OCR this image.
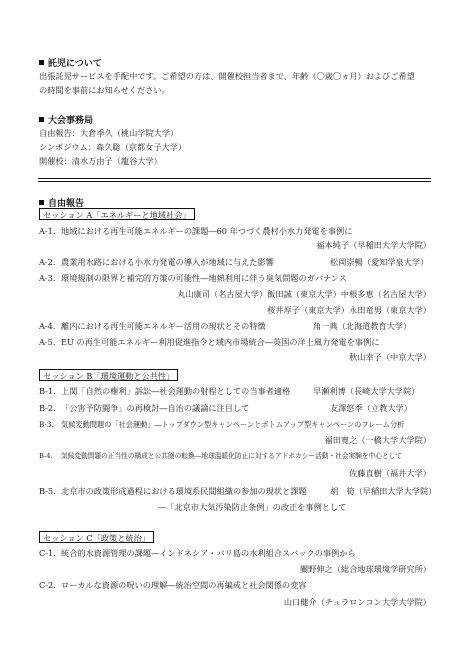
託児について
出張託児サービスを手配中です。ご希望の方は、開催校担当者まで、年齢（〇歳〇ヵ月）およびご希望
の時間を事前にお知らせください。
大会事務局
自由報告：大倉季久（桃山学院大学）
シンポジウム：森久聡（京都女子大学）
開催校：清水万由子（龍谷大学）
自由報告
セッション A「エネルギーと地域社会」
A-1. 地域における再生可能エネルギーの課題―60 年つづく農村小水力発電を事例に
福本純子（早稲田大学大学院）
A-2. 農業用水路における小水力発電の導入が地域に与えた影響	松岡崇暢（愛知学泉大学）
A-3. 環境規制の限界と補完的方策の可能性―地熱利用に伴う臭気問題のガバナンス
丸山康司（名古屋大学）飯田誠（東京大学）中根多恵（名古屋大学）
桜井厚子（東京大学）永田竜男（東京大学）
A-4. 離内における再生可能エネルギー活用の現状とその特徴	角一典（北海道教育大学）
A-5. EU の再生可能エネルギー利用促進指令と域内市場統合―英国の洋上風力発電を事例に
秋山幸子（中京大学）
セッション B「環境運動と公共性」
B-1. 上関「自然の権利」訴訟―社会運動の射程としての当事者適格	早瀬利博（長崎大学大学院）
B-2. 「公害予防闘争」の再検討―自治の議論に注目して	友澤悠季（立教大学）
B-3. 気候変動問題の「社会運動」―トップダウン型キャンペーンとボトムアップ型キャンペーンのフレーム分析
福田寛之（一橋大学大学院）
B-4. 気候変動問題の正当性の構成と公共圏の転換―地球温暖化防止に対するアドボカシー活動・社会実験を中心として
佐藤直樹（福井大学）
B-5. 北京市の政策形成過程における環境系民間組織の参加の現状と課題	胡　筍（早稲田大学大学院）
―「北京市大気汚染防止条例」の改正を事例として
セッション C「政策と統治」
C-1. 統合的水資源管理の課題―インドネシア・バリ島の水利組合スバックの事例から
關野伸之（総合地球環境学研究所）
C-2. ローカルな資源の呪いの理解―統治空間の再編成と社会関係の変容
山口健介（チュラロンコン大学大学院）
